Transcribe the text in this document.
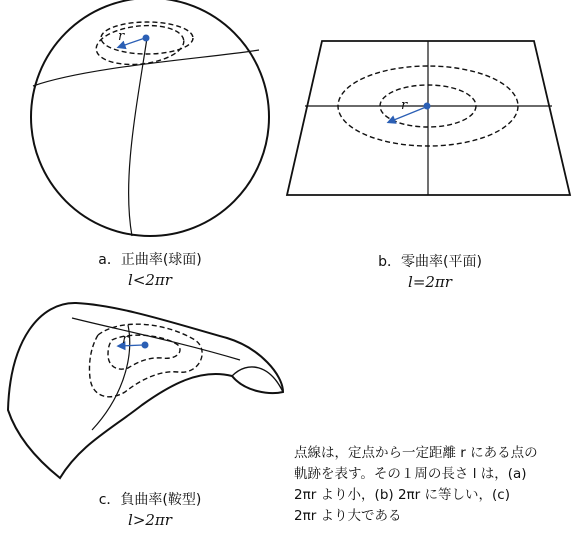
r
r
r
a．正曲率(球面)
l<2πr
b．零曲率(平面)
l=2πr
c．負曲率(鞍型)
l>2πr
点線は，定点から一定距離 r にある点の
軌跡を表す。その１周の長さ l は，(a)
2πr より小，(b) 2πr に等しい，(c)
2πr より大である
